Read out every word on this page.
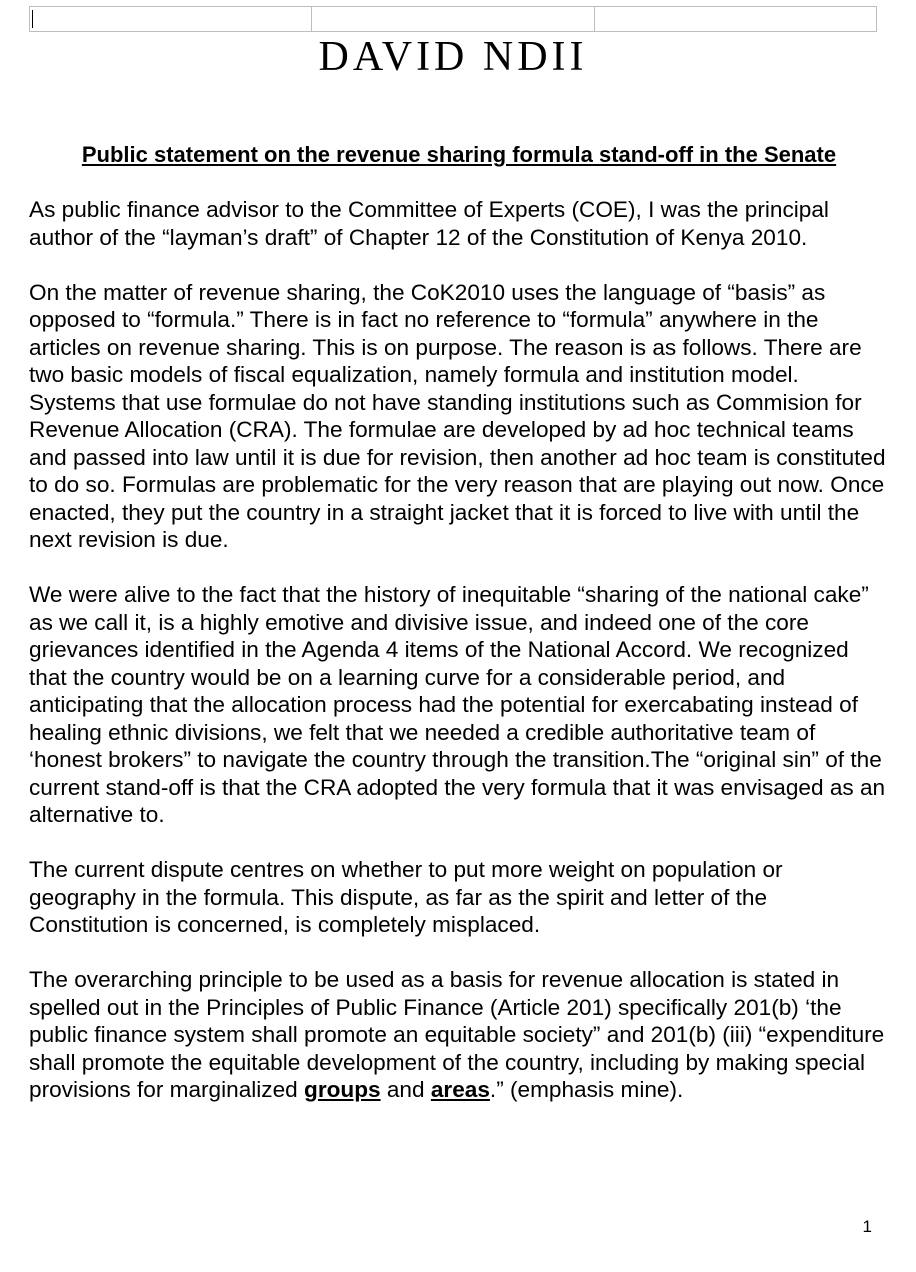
DAVID NDII
Public statement on the revenue sharing formula stand-off in the Senate

As public finance advisor to the Committee of Experts (COE), I was the principal author of the “layman’s draft” of Chapter 12 of the Constitution of Kenya 2010.

On the matter of revenue sharing, the CoK2010 uses the language of “basis” as opposed to “formula.” There is in fact no reference to “formula” anywhere in the articles on revenue sharing. This is on purpose. The reason is as follows. There are two basic models of fiscal equalization, namely formula and institution model. Systems that use formulae do not have standing institutions such as Commision for Revenue Allocation (CRA). The formulae are developed by ad hoc technical teams and passed into law until it is due for revision, then another ad hoc team is constituted to do so. Formulas are problematic for the very reason that are playing out now. Once enacted, they put the country in a straight jacket that it is forced to live with until the next revision is due.

We were alive to the fact that the history of inequitable “sharing of the national cake” as we call it, is a highly emotive and divisive issue, and indeed one of the core grievances identified in the Agenda 4 items of the National Accord. We recognized that the country would be on a learning curve for a considerable period, and anticipating that the allocation process had the potential for exercabating instead of healing ethnic divisions, we felt that we needed a credible authoritative team of ‘honest brokers” to navigate the country through the transition.The “original sin” of the current stand-off is that the CRA adopted the very formula that it was envisaged as an alternative to.

The current dispute centres on whether to put more weight on population or geography in the formula. This dispute, as far as the spirit and letter of the Constitution is concerned, is completely misplaced.

The overarching principle to be used as a basis for revenue allocation is stated in spelled out in the Principles of Public Finance (Article 201) specifically 201(b) ‘the public finance system shall promote an equitable society” and 201(b) (iii) “expenditure shall promote the equitable development of the country, including by making special provisions for marginalized groups and areas.” (emphasis mine).

1
